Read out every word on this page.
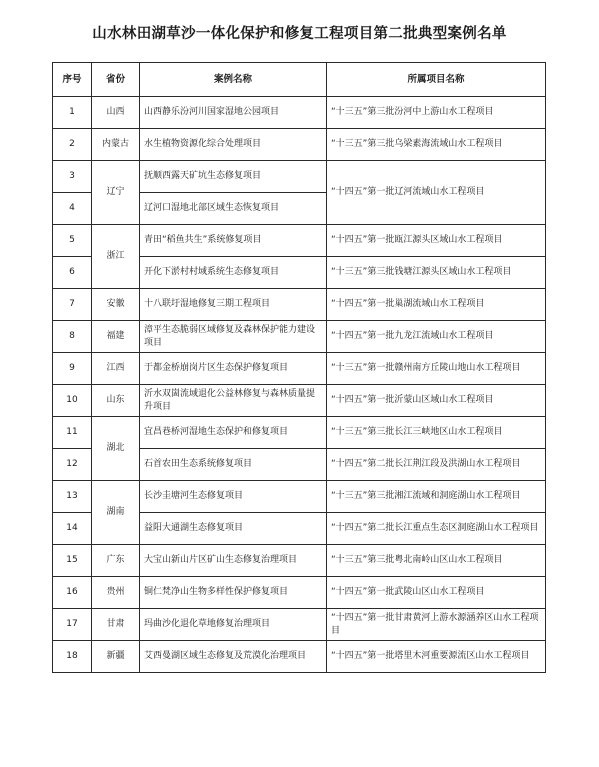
山水林田湖草沙一体化保护和修复工程项目第二批典型案例名单
序号	省份	案例名称	所属项目名称
1	山西	山西静乐汾河川国家湿地公园项目	“十三五”第三批汾河中上游山水工程项目
2	内蒙古	水生植物资源化综合处理项目	“十三五”第三批乌梁素海流域山水工程项目
3	辽宁	抚顺西露天矿坑生态修复项目	“十四五”第一批辽河流域山水工程项目
4		辽河口湿地北部区域生态恢复项目	
5	浙江	青田“稻鱼共生”系统修复项目	“十四五”第一批瓯江源头区域山水工程项目
6		开化下淤村村域系统生态修复项目	“十三五”第三批钱塘江源头区域山水工程项目
7	安徽	十八联圩湿地修复三期工程项目	“十四五”第一批巢湖流域山水工程项目
8	福建	漳平生态脆弱区域修复及森林保护能力建设项目	“十四五”第一批九龙江流域山水工程项目
9	江西	于都金桥崩岗片区生态保护修复项目	“十三五”第一批赣州南方丘陵山地山水工程项目
10	山东	沂水双崮流域退化公益林修复与森林质量提升项目	“十四五”第一批沂蒙山区域山水工程项目
11	湖北	宜昌巷桥河湿地生态保护和修复项目	“十三五”第三批长江三峡地区山水工程项目
12		石首农田生态系统修复项目	“十四五”第二批长江荆江段及洪湖山水工程项目
13	湖南	长沙圭塘河生态修复项目	“十三五”第三批湘江流域和洞庭湖山水工程项目
14		益阳大通湖生态修复项目	“十四五”第二批长江重点生态区洞庭湖山水工程项目
15	广东	大宝山新山片区矿山生态修复治理项目	“十三五”第三批粤北南岭山区山水工程项目
16	贵州	铜仁梵净山生物多样性保护修复项目	“十四五”第一批武陵山区山水工程项目
17	甘肃	玛曲沙化退化草地修复治理项目	“十四五”第一批甘肃黄河上游水源涵养区山水工程项目
18	新疆	艾西曼湖区域生态修复及荒漠化治理项目	“十四五”第一批塔里木河重要源流区山水工程项目
